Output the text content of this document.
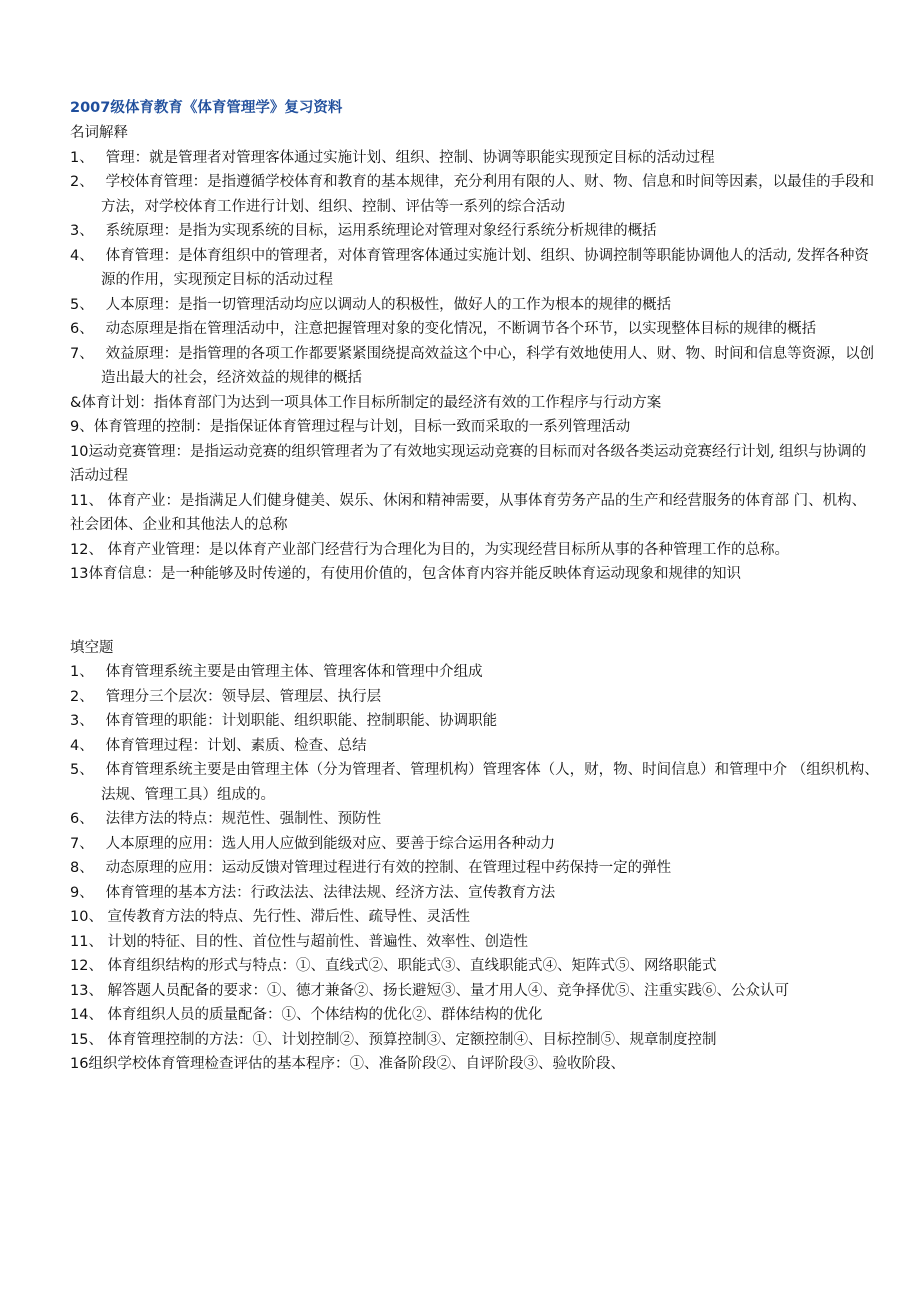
2007级体育教育《体育管理学》复习资料
名词解释
1、 管理：就是管理者对管理客体通过实施计划、组织、控制、协调等职能实现预定目标的活动过程
2、 学校体育管理：是指遵循学校体育和教育的基本规律，充分利用有限的人、财、物、信息和时间等因素，以最佳的手段和方法，对学校体育工作进行计划、组织、控制、评估等一系列的综合活动
3、 系统原理：是指为实现系统的目标，运用系统理论对管理对象经行系统分析规律的概括
4、 体育管理：是体育组织中的管理者，对体育管理客体通过实施计划、组织、协调控制等职能协调他人的活动, 发挥各种资源的作用，实现预定目标的活动过程
5、 人本原理：是指一切管理活动均应以调动人的积极性，做好人的工作为根本的规律的概括
6、 动态原理是指在管理活动中，注意把握管理对象的变化情况，不断调节各个环节，以实现整体目标的规律的概括
7、 效益原理：是指管理的各项工作都要紧紧围绕提高效益这个中心，科学有效地使用人、财、物、时间和信息等资源，以创造出最大的社会，经济效益的规律的概括
&体育计划：指体育部门为达到一项具体工作目标所制定的最经济有效的工作程序与行动方案
9、体育管理的控制：是指保证体育管理过程与计划，目标一致而采取的一系列管理活动
10运动竞赛管理：是指运动竞赛的组织管理者为了有效地实现运动竞赛的目标而对各级各类运动竞赛经行计划, 组织与协调的活动过程
11、 体育产业：是指满足人们健身健美、娱乐、休闲和精神需要，从事体育劳务产品的生产和经营服务的体育部 门、机构、社会团体、企业和其他法人的总称
12、 体育产业管理：是以体育产业部门经营行为合理化为目的，为实现经营目标所从事的各种管理工作的总称。
13体育信息：是一种能够及时传递的，有使用价值的，包含体育内容并能反映体育运动现象和规律的知识
填空题
1、 体育管理系统主要是由管理主体、管理客体和管理中介组成
2、 管理分三个层次：领导层、管理层、执行层
3、 体育管理的职能：计划职能、组织职能、控制职能、协调职能
4、 体育管理过程：计划、素质、检查、总结
5、 体育管理系统主要是由管理主体（分为管理者、管理机构）管理客体（人，财，物、时间信息）和管理中介 （组织机构、法规、管理工具）组成的。
6、 法律方法的特点：规范性、强制性、预防性
7、 人本原理的应用：选人用人应做到能级对应、要善于综合运用各种动力
8、 动态原理的应用：运动反馈对管理过程进行有效的控制、在管理过程中药保持一定的弹性
9、 体育管理的基本方法：行政法法、法律法规、经济方法、宣传教育方法
10、 宣传教育方法的特点、先行性、滞后性、疏导性、灵活性
11、 计划的特征、目的性、首位性与超前性、普遍性、效率性、创造性
12、 体育组织结构的形式与特点：①、直线式②、职能式③、直线职能式④、矩阵式⑤、网络职能式
13、 解答题人员配备的要求：①、德才兼备②、扬长避短③、量才用人④、竞争择优⑤、注重实践⑥、公众认可
14、 体育组织人员的质量配备：①、个体结构的优化②、群体结构的优化
15、 体育管理控制的方法：①、计划控制②、预算控制③、定额控制④、目标控制⑤、规章制度控制
16组织学校体育管理检查评估的基本程序：①、准备阶段②、自评阶段③、验收阶段、
